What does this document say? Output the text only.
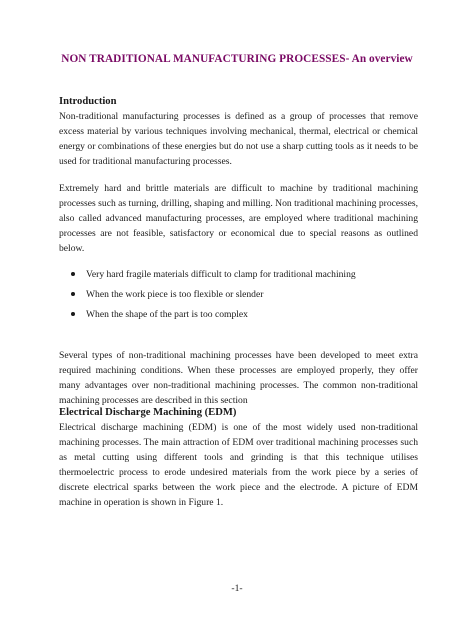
NON TRADITIONAL MANUFACTURING PROCESSES- An overview
Introduction

Non-traditional manufacturing processes is defined as a group of processes that remove excess material by various techniques involving mechanical, thermal, electrical or chemical energy or combinations of these energies but do not use a sharp cutting tools as it needs to be used for traditional manufacturing processes.

Extremely hard and brittle materials are difficult to machine by traditional machining processes such as turning, drilling, shaping and milling. Non traditional machining processes, also called advanced manufacturing processes, are employed where traditional machining processes are not feasible, satisfactory or economical due to special reasons as outlined below.

Very hard fragile materials difficult to clamp for traditional machining
When the work piece is too flexible or slender
When the shape of the part is too complex

Several types of non-traditional machining processes have been developed to meet extra required machining conditions. When these processes are employed properly, they offer many advantages over non-traditional machining processes. The common non-traditional machining processes are described in this section

Electrical Discharge Machining (EDM)

Electrical discharge machining (EDM) is one of the most widely used non-traditional machining processes. The main attraction of EDM over traditional machining processes such as metal cutting using different tools and grinding is that this technique utilises thermoelectric process to erode undesired materials from the work piece by a series of discrete electrical sparks between the work piece and the electrode. A picture of EDM machine in operation is shown in Figure 1.

-1-
